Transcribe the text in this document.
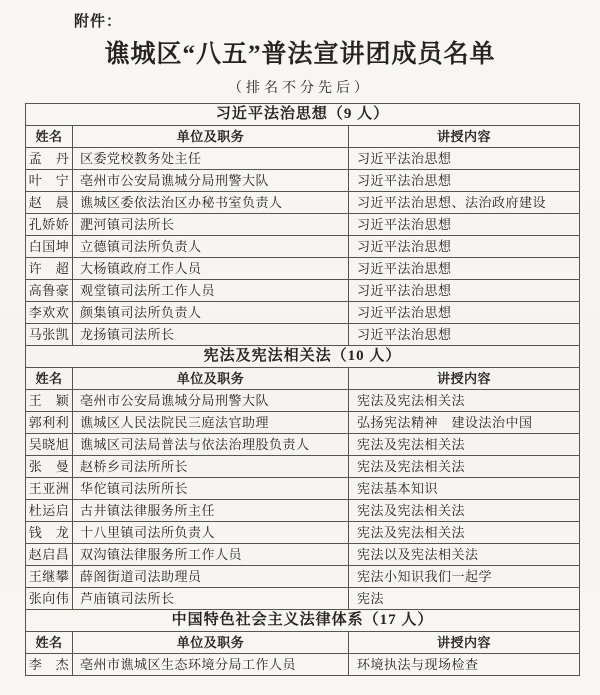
附件：
谯城区“八五”普法宣讲团成员名单
（排名不分先后）
习近平法治思想（9 人）		
姓名	单位及职务	讲授内容
孟　丹	区委党校教务处主任	习近平法治思想
叶　宁	亳州市公安局谯城分局刑警大队	习近平法治思想
赵　晨	谯城区委依法治区办秘书室负责人	习近平法治思想、法治政府建设
孔娇娇	淝河镇司法所长	习近平法治思想
白国坤	立德镇司法所负责人	习近平法治思想
许　超	大杨镇政府工作人员	习近平法治思想
高鲁豪	观堂镇司法所工作人员	习近平法治思想
李欢欢	颜集镇司法所负责人	习近平法治思想
马张凯	龙扬镇司法所长	习近平法治思想
宪法及宪法相关法（10 人）		
姓名	单位及职务	讲授内容
王　颖	亳州市公安局谯城分局刑警大队	宪法及宪法相关法
郭利利	谯城区人民法院民三庭法官助理	弘扬宪法精神　建设法治中国
吴晓旭	谯城区司法局普法与依法治理股负责人	宪法及宪法相关法
张　曼	赵桥乡司法所所长	宪法及宪法相关法
王亚洲	华佗镇司法所所长	宪法基本知识
杜运启	古井镇法律服务所主任	宪法及宪法相关法
钱　龙	十八里镇司法所负责人	宪法及宪法相关法
赵启昌	双沟镇法律服务所工作人员	宪法以及宪法相关法
王继攀	薛阁街道司法助理员	宪法小知识我们一起学
张向伟	芦庙镇司法所长	宪法
中国特色社会主义法律体系（17 人）		
姓名	单位及职务	讲授内容
李　杰	亳州市谯城区生态环境分局工作人员	环境执法与现场检查
